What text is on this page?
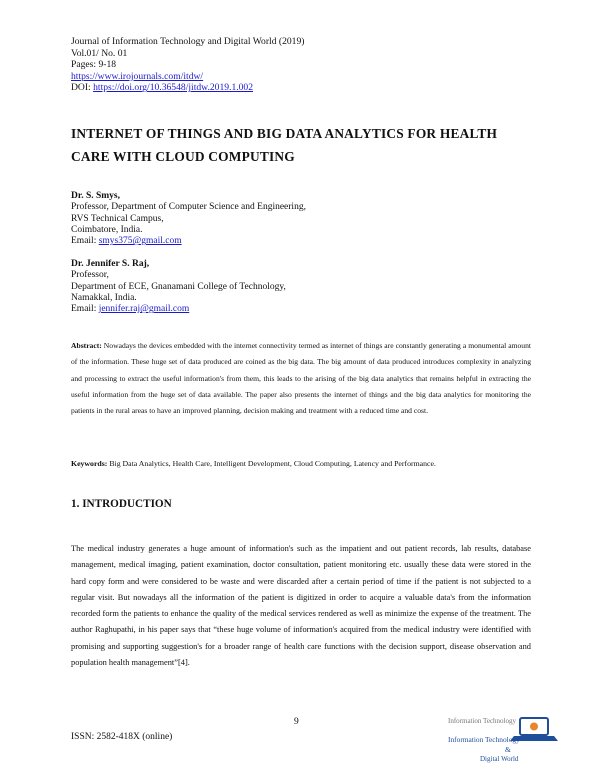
Journal of Information Technology and Digital World (2019)
Vol.01/ No. 01
Pages: 9-18
https://www.irojournals.com/itdw/
DOI: https://doi.org/10.36548/jitdw.2019.1.002
INTERNET OF THINGS AND BIG DATA ANALYTICS FOR HEALTH
CARE WITH CLOUD COMPUTING
Dr. S. Smys,
Professor, Department of Computer Science and Engineering,
RVS Technical Campus,
Coimbatore, India.
Email: smys375@gmail.com
Dr. Jennifer S. Raj,
Professor,
Department of ECE, Gnanamani College of Technology,
Namakkal, India.
Email: jennifer.raj@gmail.com
Abstract: Nowadays the devices embedded with the internet connectivity termed as internet of things are constantly generating a monumental amount of the information. These huge set of data produced are coined as the big data. The big amount of data produced introduces complexity in analyzing and processing to extract the useful information's from them, this leads to the arising of the big data analytics that remains helpful in extracting the useful information from the huge set of data available. The paper also presents the internet of things and the big data analytics for monitoring the patients in the rural areas to have an improved planning, decision making and treatment with a reduced time and cost.
Keywords: Big Data Analytics, Health Care, Intelligent Development, Cloud Computing, Latency and Performance.
1. INTRODUCTION
The medical industry generates a huge amount of information's such as the impatient and out patient records, lab results, database management, medical imaging, patient examination, doctor consultation, patient monitoring etc. usually these data were stored in the hard copy form and were considered to be waste and were discarded after a certain period of time if the patient is not subjected to a regular visit. But nowadays all the information of the patient is digitized in order to acquire a valuable data's from the information recorded form the patients to enhance the quality of the medical services rendered as well as minimize the expense of the treatment. The author Raghupathi, in his paper says that “these huge volume of information's acquired from the medical industry were identified with promising and supporting suggestion's for a broader range of health care functions with the decision support, disease observation and population health management”[4].
9
ISSN: 2582-418X (online)
Information Technology
Information Technology
&
Digital World
